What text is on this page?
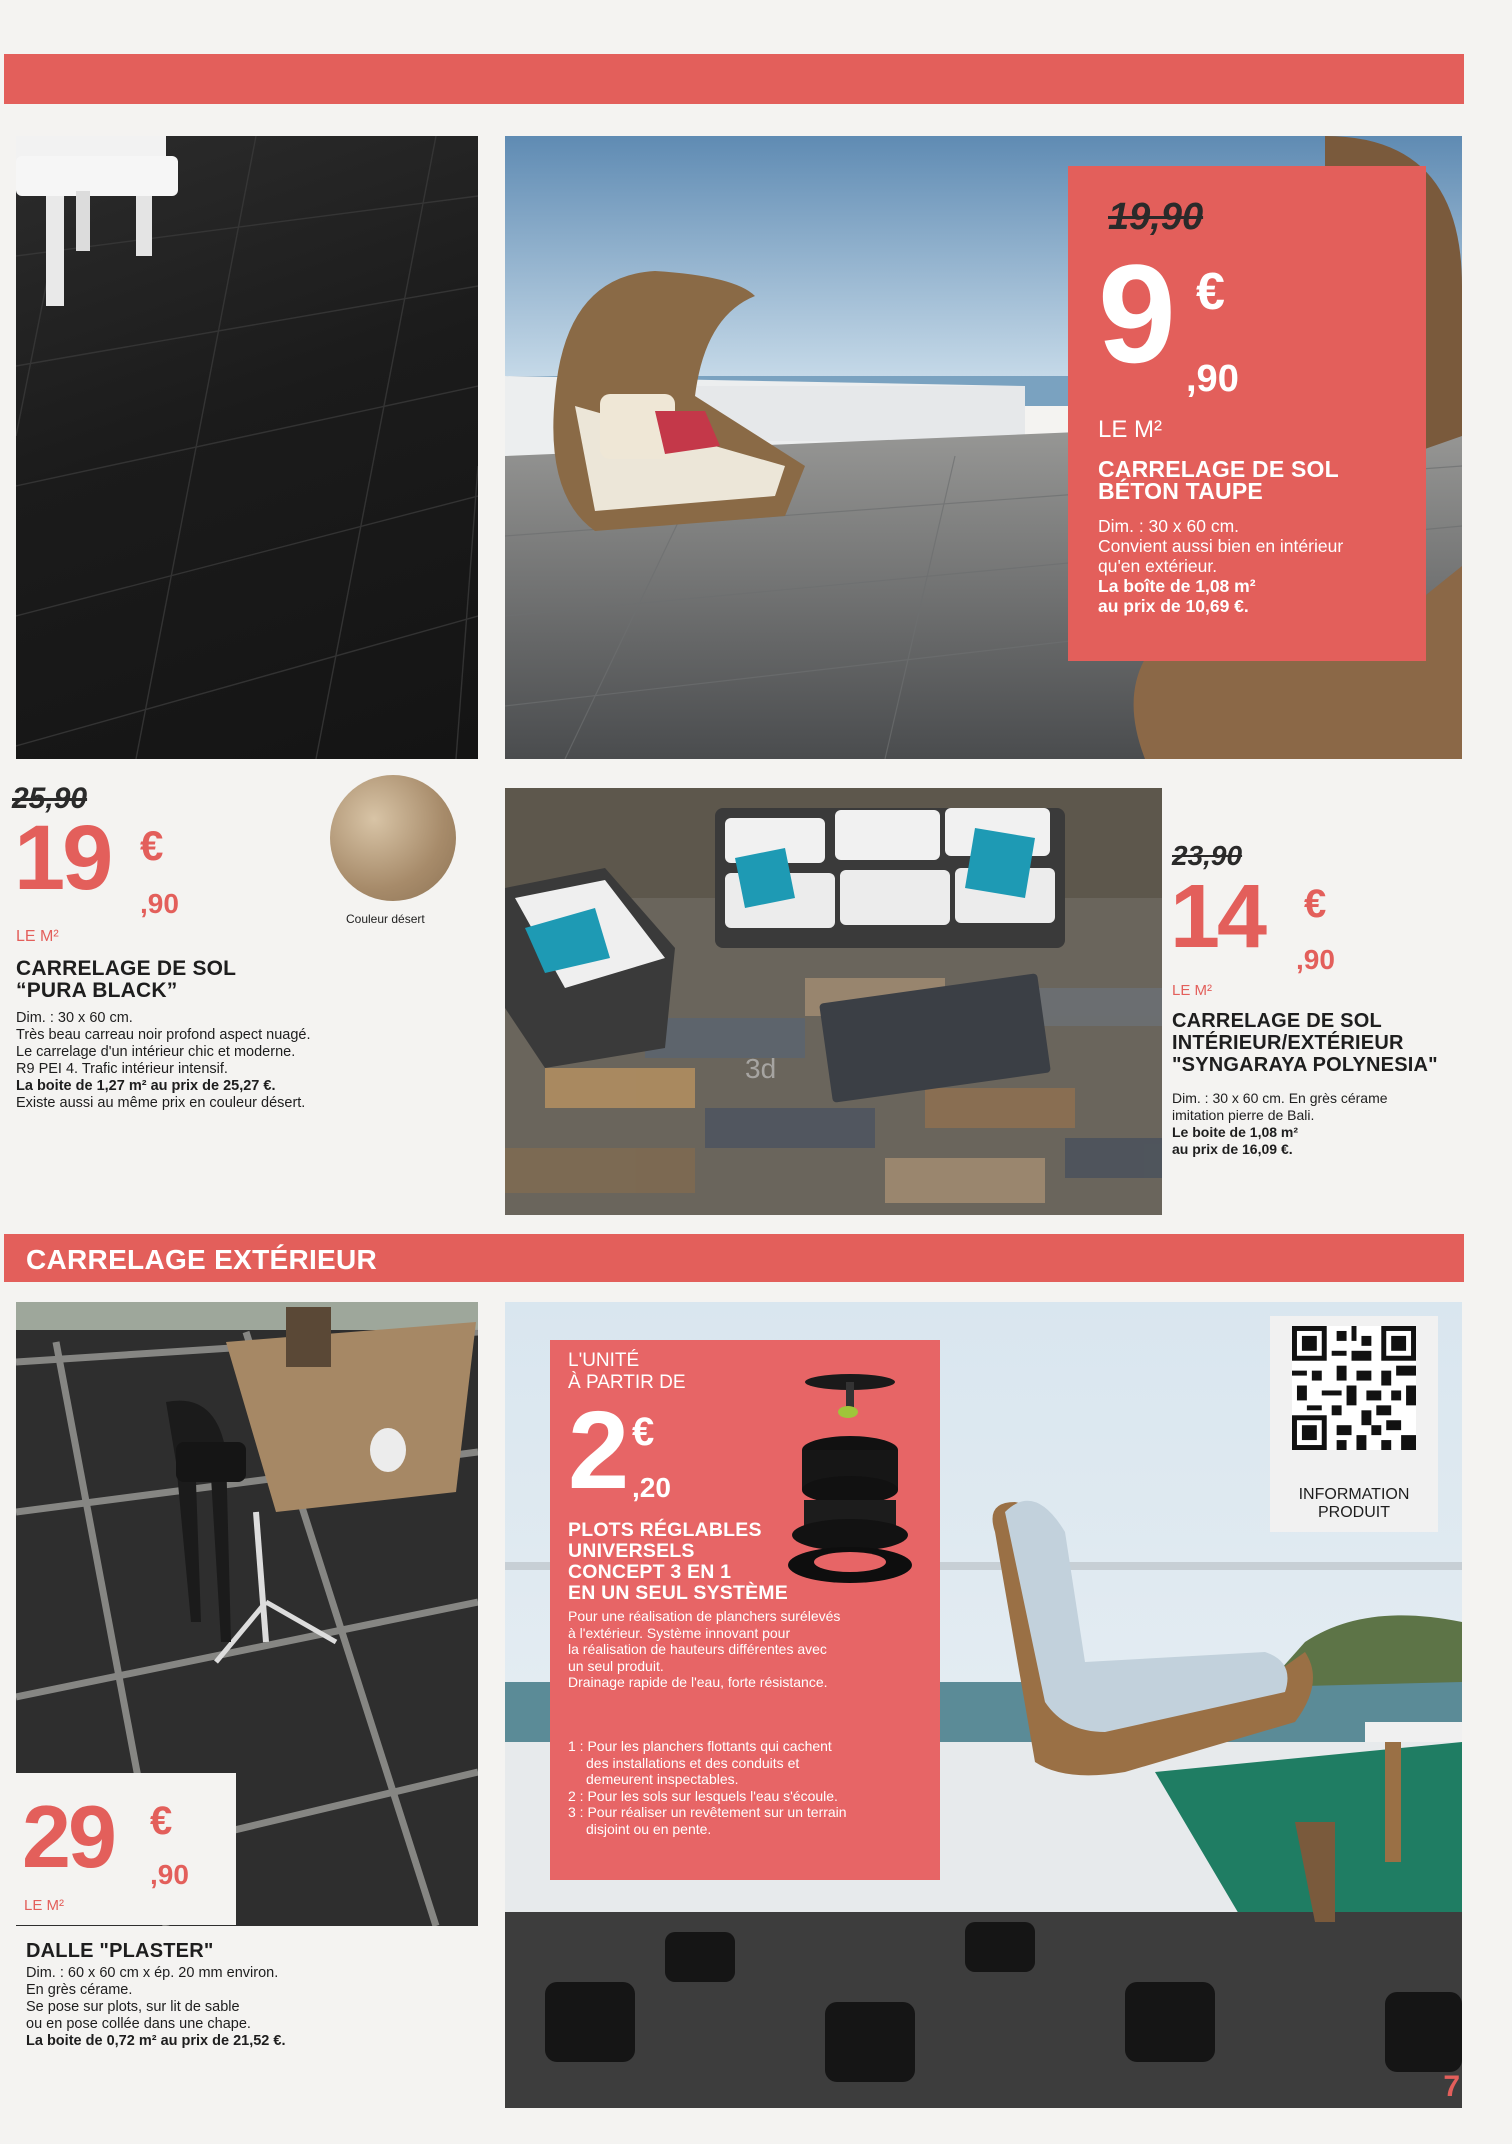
19,90
9 €
,90
LE M²
CARRELAGE DE SOL
BÉTON TAUPE
Dim. : 30 x 60 cm.
Convient aussi bien en intérieur
qu'en extérieur.
La boîte de 1,08 m²
au prix de 10,69 €.
25,90
19 €
,90
LE M²
Couleur désert
CARRELAGE DE SOL
“PURA BLACK”
Dim. : 30 x 60 cm.
Très beau carreau noir profond aspect nuagé.
Le carrelage d'un intérieur chic et moderne.
R9 PEI 4. Trafic intérieur intensif.
La boite de 1,27 m² au prix de 25,27 €.
Existe aussi au même prix en couleur désert.
3d
23,90
14 €
,90
LE M²
CARRELAGE DE SOL
INTÉRIEUR/EXTÉRIEUR
"SYNGARAYA POLYNESIA"
Dim. : 30 x 60 cm. En grès cérame
imitation pierre de Bali.
Le boite de 1,08 m²
au prix de 16,09 €.
CARRELAGE EXTÉRIEUR
29 €
,90
LE M²
DALLE "PLASTER"
Dim. : 60 x 60 cm x ép. 20 mm environ.
En grès cérame.
Se pose sur plots, sur lit de sable
ou en pose collée dans une chape.
La boite de 0,72 m² au prix de 21,52 €.
INFORMATION
PRODUIT
L'UNITÉ
À PARTIR DE
2 €
,20
PLOTS RÉGLABLES
UNIVERSELS
CONCEPT 3 EN 1
EN UN SEUL SYSTÈME
Pour une réalisation de planchers surélevés
à l'extérieur. Système innovant pour
la réalisation de hauteurs différentes avec
un seul produit.
Drainage rapide de l'eau, forte résistance.
1 : Pour les planchers flottants qui cachent
des installations et des conduits et
demeurent inspectables.
2 : Pour les sols sur lesquels l'eau s'écoule.
3 : Pour réaliser un revêtement sur un terrain
disjoint ou en pente.
7
